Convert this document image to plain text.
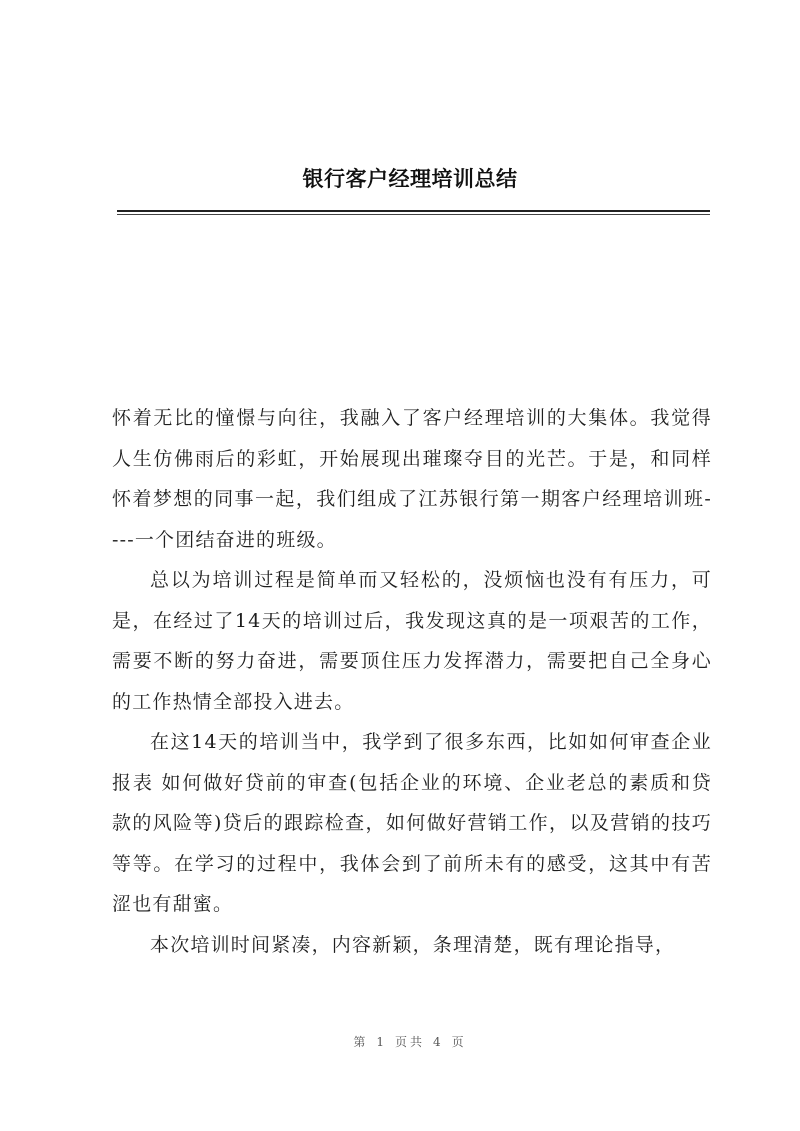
银行客户经理培训总结

怀着无比的憧憬与向往，我融入了客户经理培训的大集体。我觉得人生仿佛雨后的彩虹，开始展现出璀璨夺目的光芒。于是，和同样怀着梦想的同事一起，我们组成了江苏银行第一期客户经理培训班----一个团结奋进的班级。

总以为培训过程是简单而又轻松的，没烦恼也没有有压力，可是，在经过了14天的培训过后，我发现这真的是一项艰苦的工作，需要不断的努力奋进，需要顶住压力发挥潜力，需要把自己全身心的工作热情全部投入进去。

在这14天的培训当中，我学到了很多东西，比如如何审查企业报表 如何做好贷前的审查(包括企业的环境、企业老总的素质和贷款的风险等)贷后的跟踪检查，如何做好营销工作，以及营销的技巧等等。在学习的过程中，我体会到了前所未有的感受，这其中有苦涩也有甜蜜。

本次培训时间紧凑，内容新颖，条理清楚，既有理论指导，

第 1 页共 4 页
